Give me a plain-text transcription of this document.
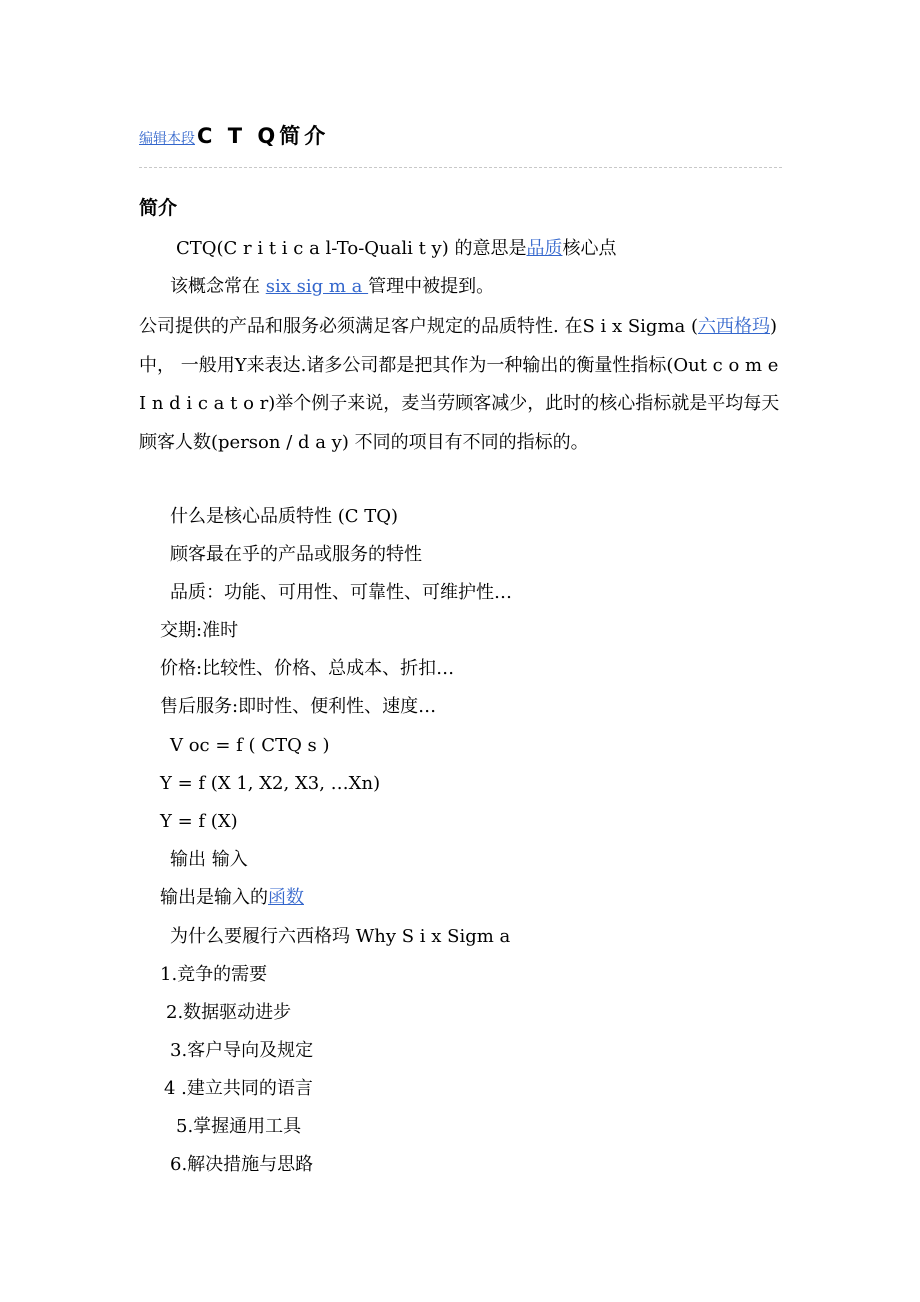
编辑本段C T Q简介
简介
CTQ(C r i t i c a l-To-Quali t y) 的意思是品质核心点
该概念常在 six sig m a 管理中被提到。
公司提供的产品和服务必须满足客户规定的品质特性. 在S i x Sigma (六西格玛)中， 一般用Y来表达.诸多公司都是把其作为一种输出的衡量性指标(Out c o m e I n d i c a t o r)举个例子来说，麦当劳顾客减少，此时的核心指标就是平均每天顾客人数(person / d a y) 不同的项目有不同的指标的。
什么是核心品质特性 (C TQ)
顾客最在乎的产品或服务的特性
品质：功能、可用性、可靠性、可维护性…
交期:准时
价格:比较性、价格、总成本、折扣…
售后服务:即时性、便利性、速度…
V oc = f ( CTQ s )
Y = f (X 1, X2, X3, …Xn)
Y = f (X)
输出 输入
输出是输入的函数
为什么要履行六西格玛 Why S i x Sigm a
1.竞争的需要
2.数据驱动进步
3.客户导向及规定
4 .建立共同的语言
5.掌握通用工具
6.解决措施与思路
